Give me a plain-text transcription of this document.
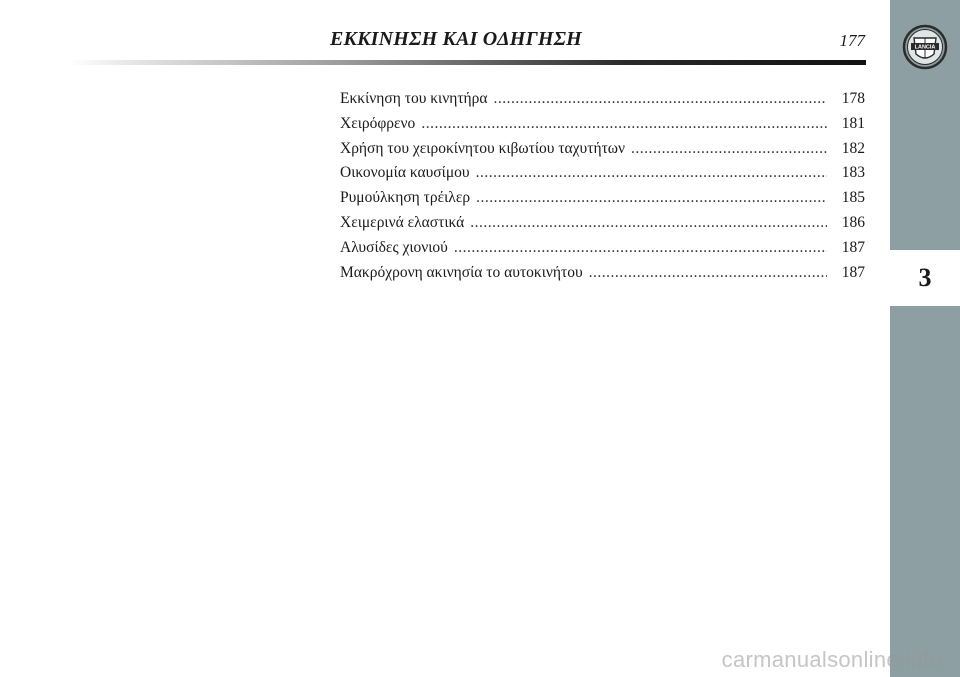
ΕΚΚΙΝΗΣΗ ΚΑΙ ΟΔΗΓΗΣΗ	177
Εκκίνηση του κινητήρα .....	178
Χειρόφρενο .....	181
Χρήση του χειροκίνητου κιβωτίου ταχυτήτων .....	182
Οικονομία καυσίμου .....	183
Ρυμούλκηση τρέιλερ .....	185
Χειμερινά ελαστικά .....	186
Αλυσίδες χιονιού .....	187
Μακρόχρονη ακινησία το αυτοκινήτου .....	187
LANCIA
3
carmanualsonline.info
